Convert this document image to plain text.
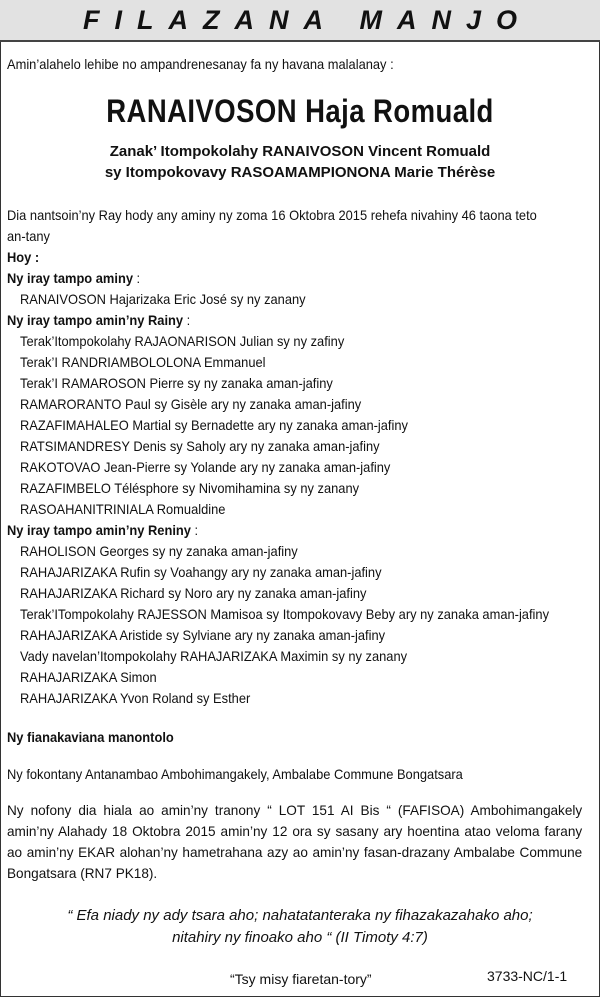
FILAZANA MANJO
Amin’alahelo lehibe no ampandrenesanay fa ny havana malalanay :
RANAIVOSON Haja Romuald
Zanak’ Itompokolahy RANAIVOSON Vincent Romuald
sy Itompokovavy RASOAMAMPIONONA Marie Thérèse
Dia nantsoin’ny Ray hody any aminy ny zoma 16 Oktobra 2015 rehefa nivahiny 46 taona teto
an-tany
Hoy :
Ny iray tampo aminy :
RANAIVOSON Hajarizaka Eric José sy ny zanany
Ny iray tampo amin’ny Rainy :
Terak’Itompokolahy RAJAONARISON Julian sy ny zafiny
Terak’I RANDRIAMBOLOLONA Emmanuel
Terak’I RAMAROSON Pierre sy ny zanaka aman-jafiny
RAMARORANTO Paul sy Gisèle ary ny zanaka aman-jafiny
RAZAFIMAHALEO Martial sy Bernadette ary ny zanaka aman-jafiny
RATSIMANDRESY Denis sy Saholy ary ny zanaka aman-jafiny
RAKOTOVAO Jean-Pierre sy Yolande ary ny zanaka aman-jafiny
RAZAFIMBELO Télésphore sy Nivomihamina sy ny zanany
RASOAHANITRINIALA Romualdine
Ny iray tampo amin’ny Reniny :
RAHOLISON Georges sy ny zanaka aman-jafiny
RAHAJARIZAKA Rufin sy Voahangy ary ny zanaka aman-jafiny
RAHAJARIZAKA Richard sy Noro ary ny zanaka aman-jafiny
Terak’ITompokolahy RAJESSON Mamisoa sy Itompokovavy Beby ary ny zanaka aman-jafiny
RAHAJARIZAKA Aristide sy Sylviane ary ny zanaka aman-jafiny
Vady navelan’Itompokolahy RAHAJARIZAKA Maximin sy ny zanany
RAHAJARIZAKA Simon
RAHAJARIZAKA Yvon Roland sy Esther
Ny fianakaviana manontolo
Ny fokontany Antanambao Ambohimangakely, Ambalabe Commune Bongatsara
Ny nofony dia hiala ao amin’ny tranony “ LOT 151 AI Bis “ (FAFISOA) Ambohimangakely amin’ny Alahady 18 Oktobra 2015 amin’ny 12 ora sy sasany ary hoentina atao veloma farany ao amin’ny EKAR alohan’ny hametrahana azy ao amin’ny fasan-drazany Ambalabe Commune Bongatsara (RN7 PK18).
“ Efa niady ny ady tsara aho; nahatatanteraka ny fihazakazahako aho;
nitahiry ny finoako aho “ (II Timoty 4:7)
“Tsy misy fiaretan-tory”	3733-NC/1-1
